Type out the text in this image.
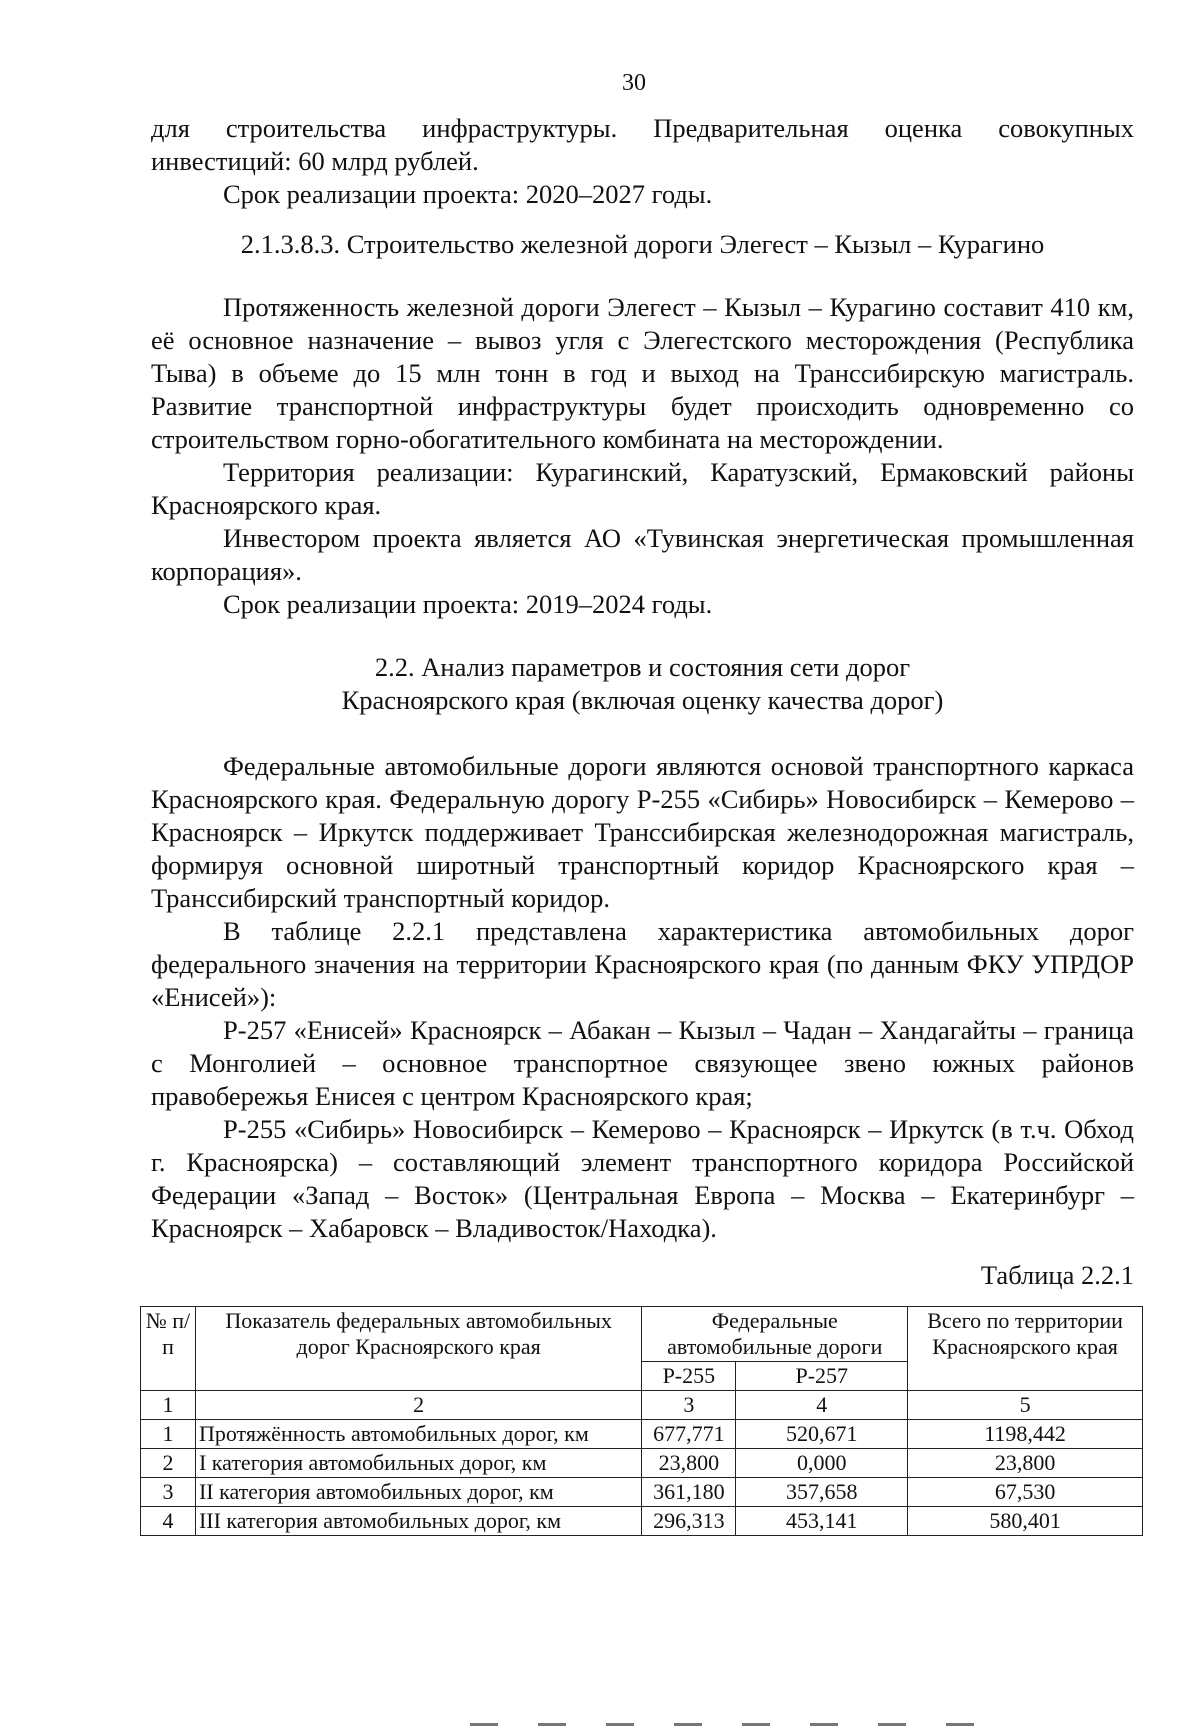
30

для строительства инфраструктуры. Предварительная оценка совокупных инвестиций: 60 млрд рублей.

Срок реализации проекта: 2020–2027 годы.

2.1.3.8.3. Строительство железной дороги Элегест – Кызыл – Курагино

Протяженность железной дороги Элегест – Кызыл – Курагино составит 410 км, её основное назначение – вывоз угля с Элегестского месторождения (Республика Тыва) в объеме до 15 млн тонн в год и выход на Транссибирскую магистраль. Развитие транспортной инфраструктуры будет происходить одновременно со строительством горно-обогатительного комбината на месторождении.

Территория реализации: Курагинский, Каратузский, Ермаковский районы Красноярского края.

Инвестором проекта является АО «Тувинская энергетическая промышленная корпорация».

Срок реализации проекта: 2019–2024 годы.

2.2. Анализ параметров и состояния сети дорог
Красноярского края (включая оценку качества дорог)

Федеральные автомобильные дороги являются основой транспортного каркаса Красноярского края. Федеральную дорогу Р-255 «Сибирь» Новосибирск – Кемерово – Красноярск – Иркутск поддерживает Транссибирская железнодорожная магистраль, формируя основной широтный транспортный коридор Красноярского края – Транссибирский транспортный коридор.

В таблице 2.2.1 представлена характеристика автомобильных дорог федерального значения на территории Красноярского края (по данным ФКУ УПРДОР «Енисей»):

Р-257 «Енисей» Красноярск – Абакан – Кызыл – Чадан – Хандагайты – граница с Монголией – основное транспортное связующее звено южных районов правобережья Енисея с центром Красноярского края;

Р-255 «Сибирь» Новосибирск – Кемерово – Красноярск – Иркутск (в т.ч. Обход г. Красноярска) – составляющий элемент транспортного коридора Российской Федерации «Запад – Восток» (Центральная Европа – Москва – Екатеринбург – Красноярск – Хабаровск – Владивосток/Находка).

Таблица 2.2.1

№ п/п	Показатель федеральных автомобильных дорог Красноярского края	Федеральные автомобильные дороги		Всего по территории Красноярского края
		Р-255	Р-257	
1	2	3	4	5
1	Протяжённость автомобильных дорог, км	677,771	520,671	1198,442
2	I категория автомобильных дорог, км	23,800	0,000	23,800
3	II категория автомобильных дорог, км	361,180	357,658	67,530
4	III категория автомобильных дорог, км	296,313	453,141	580,401
